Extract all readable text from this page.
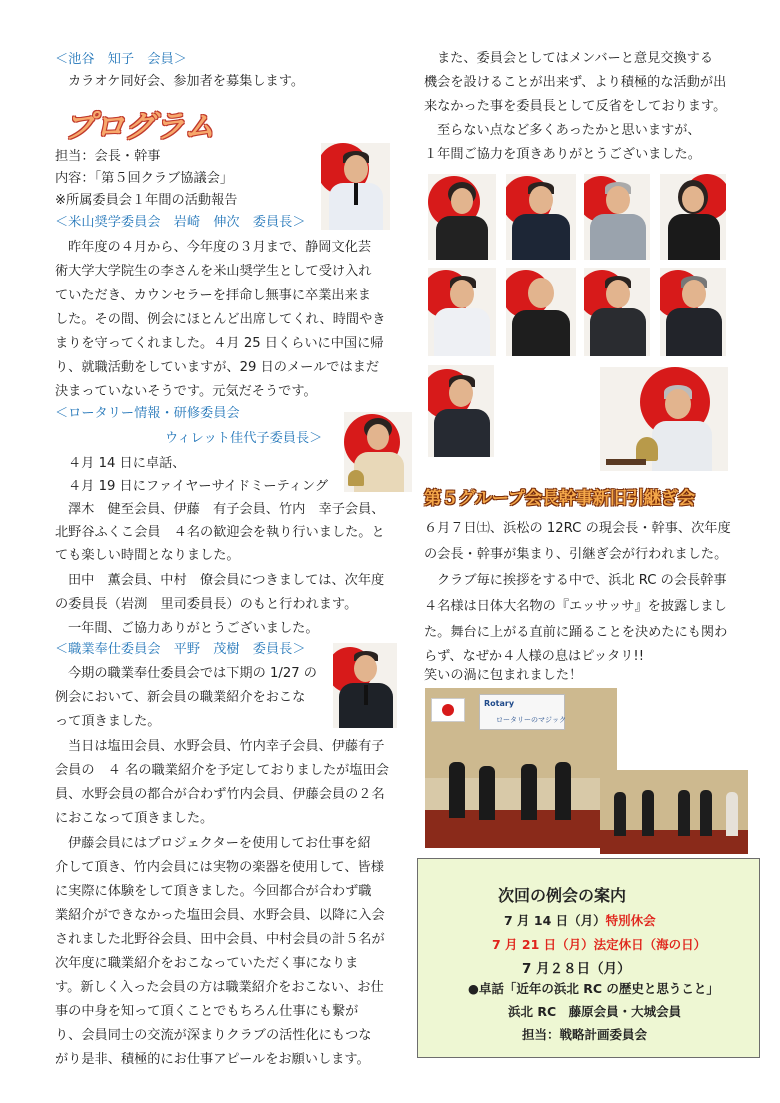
＜池谷　知子　会員＞
カラオケ同好会、参加者を募集します。
プログラム
担当：会長・幹事
内容：「第５回クラブ協議会」
※所属委員会１年間の活動報告
＜米山奨学委員会　岩崎　伸次　委員長＞
昨年度の４月から、今年度の３月まで、静岡文化芸
術大学大学院生の李さんを米山奨学生として受け入れ
ていただき、カウンセラーを拝命し無事に卒業出来ま
した。その間、例会にほとんど出席してくれ、時間やき
まりを守ってくれました。４月 25 日くらいに中国に帰
り、就職活動をしていますが、29 日のメールではまだ
決まっていないそうです。元気だそうです。
＜ロータリー情報・研修委員会
ウィレット佳代子委員長＞
４月 14 日に卓話、
４月 19 日にファイヤーサイドミーティング
澤木　健至会員、伊藤　有子会員、竹内　幸子会員、
北野谷ふくこ会員　４名の歓迎会を執り行いました。と
ても楽しい時間となりました。
田中　薫会員、中村　僚会員につきましては、次年度
の委員長（岩渕　里司委員長）のもと行われます。
一年間、ご協力ありがとうございました。
＜職業奉仕委員会　平野　茂樹　委員長＞
今期の職業奉仕委員会では下期の 1/27 の
例会において、新会員の職業紹介をおこな
って頂きました。
当日は塩田会員、水野会員、竹内幸子会員、伊藤有子
会員の　４ 名の職業紹介を予定しておりましたが塩田会
員、水野会員の都合が合わず竹内会員、伊藤会員の２名
におこなって頂きました。
伊藤会員にはプロジェクターを使用してお仕事を紹
介して頂き、竹内会員には実物の楽器を使用して、皆様
に実際に体験をして頂きました。今回都合が合わず職
業紹介ができなかった塩田会員、水野会員、以降に入会
されました北野谷会員、田中会員、中村会員の計５名が
次年度に職業紹介をおこなっていただく事になりま
す。新しく入った会員の方は職業紹介をおこない、お仕
事の中身を知って頂くことでもちろん仕事にも繋が
り、会員同士の交流が深まりクラブの活性化にもつな
がり是非、積極的にお仕事アピールをお願いします。
また、委員会としてはメンバーと意見交換する
機会を設けることが出来ず、より積極的な活動が出
来なかった事を委員長として反省をしております。
至らない点など多くあったかと思いますが、
１年間ご協力を頂きありがとうございました。
第５グループ会長幹事新旧引継ぎ会
６月７日㈯、浜松の 12RC の現会長・幹事、次年度
の会長・幹事が集まり、引継ぎ会が行われました。
クラブ毎に挨拶をする中で、浜北 RC の会長幹事
４名様は日体大名物の『エッサッサ』を披露しまし
た。舞台に上がる直前に踊ることを決めたにも関わ
らず、なぜか４人様の息はピッタリ!!
笑いの渦に包まれました！
Rotary
ロータリーのマジック
次回の例会の案内
7 月 14 日（月）特別休会
7 月 21 日（月）法定休日（海の日）
7 月２８日（月）
●卓話「近年の浜北 RC の歴史と思うこと」
浜北 RC　藤原会員・大城会員
担当：戦略計画委員会
